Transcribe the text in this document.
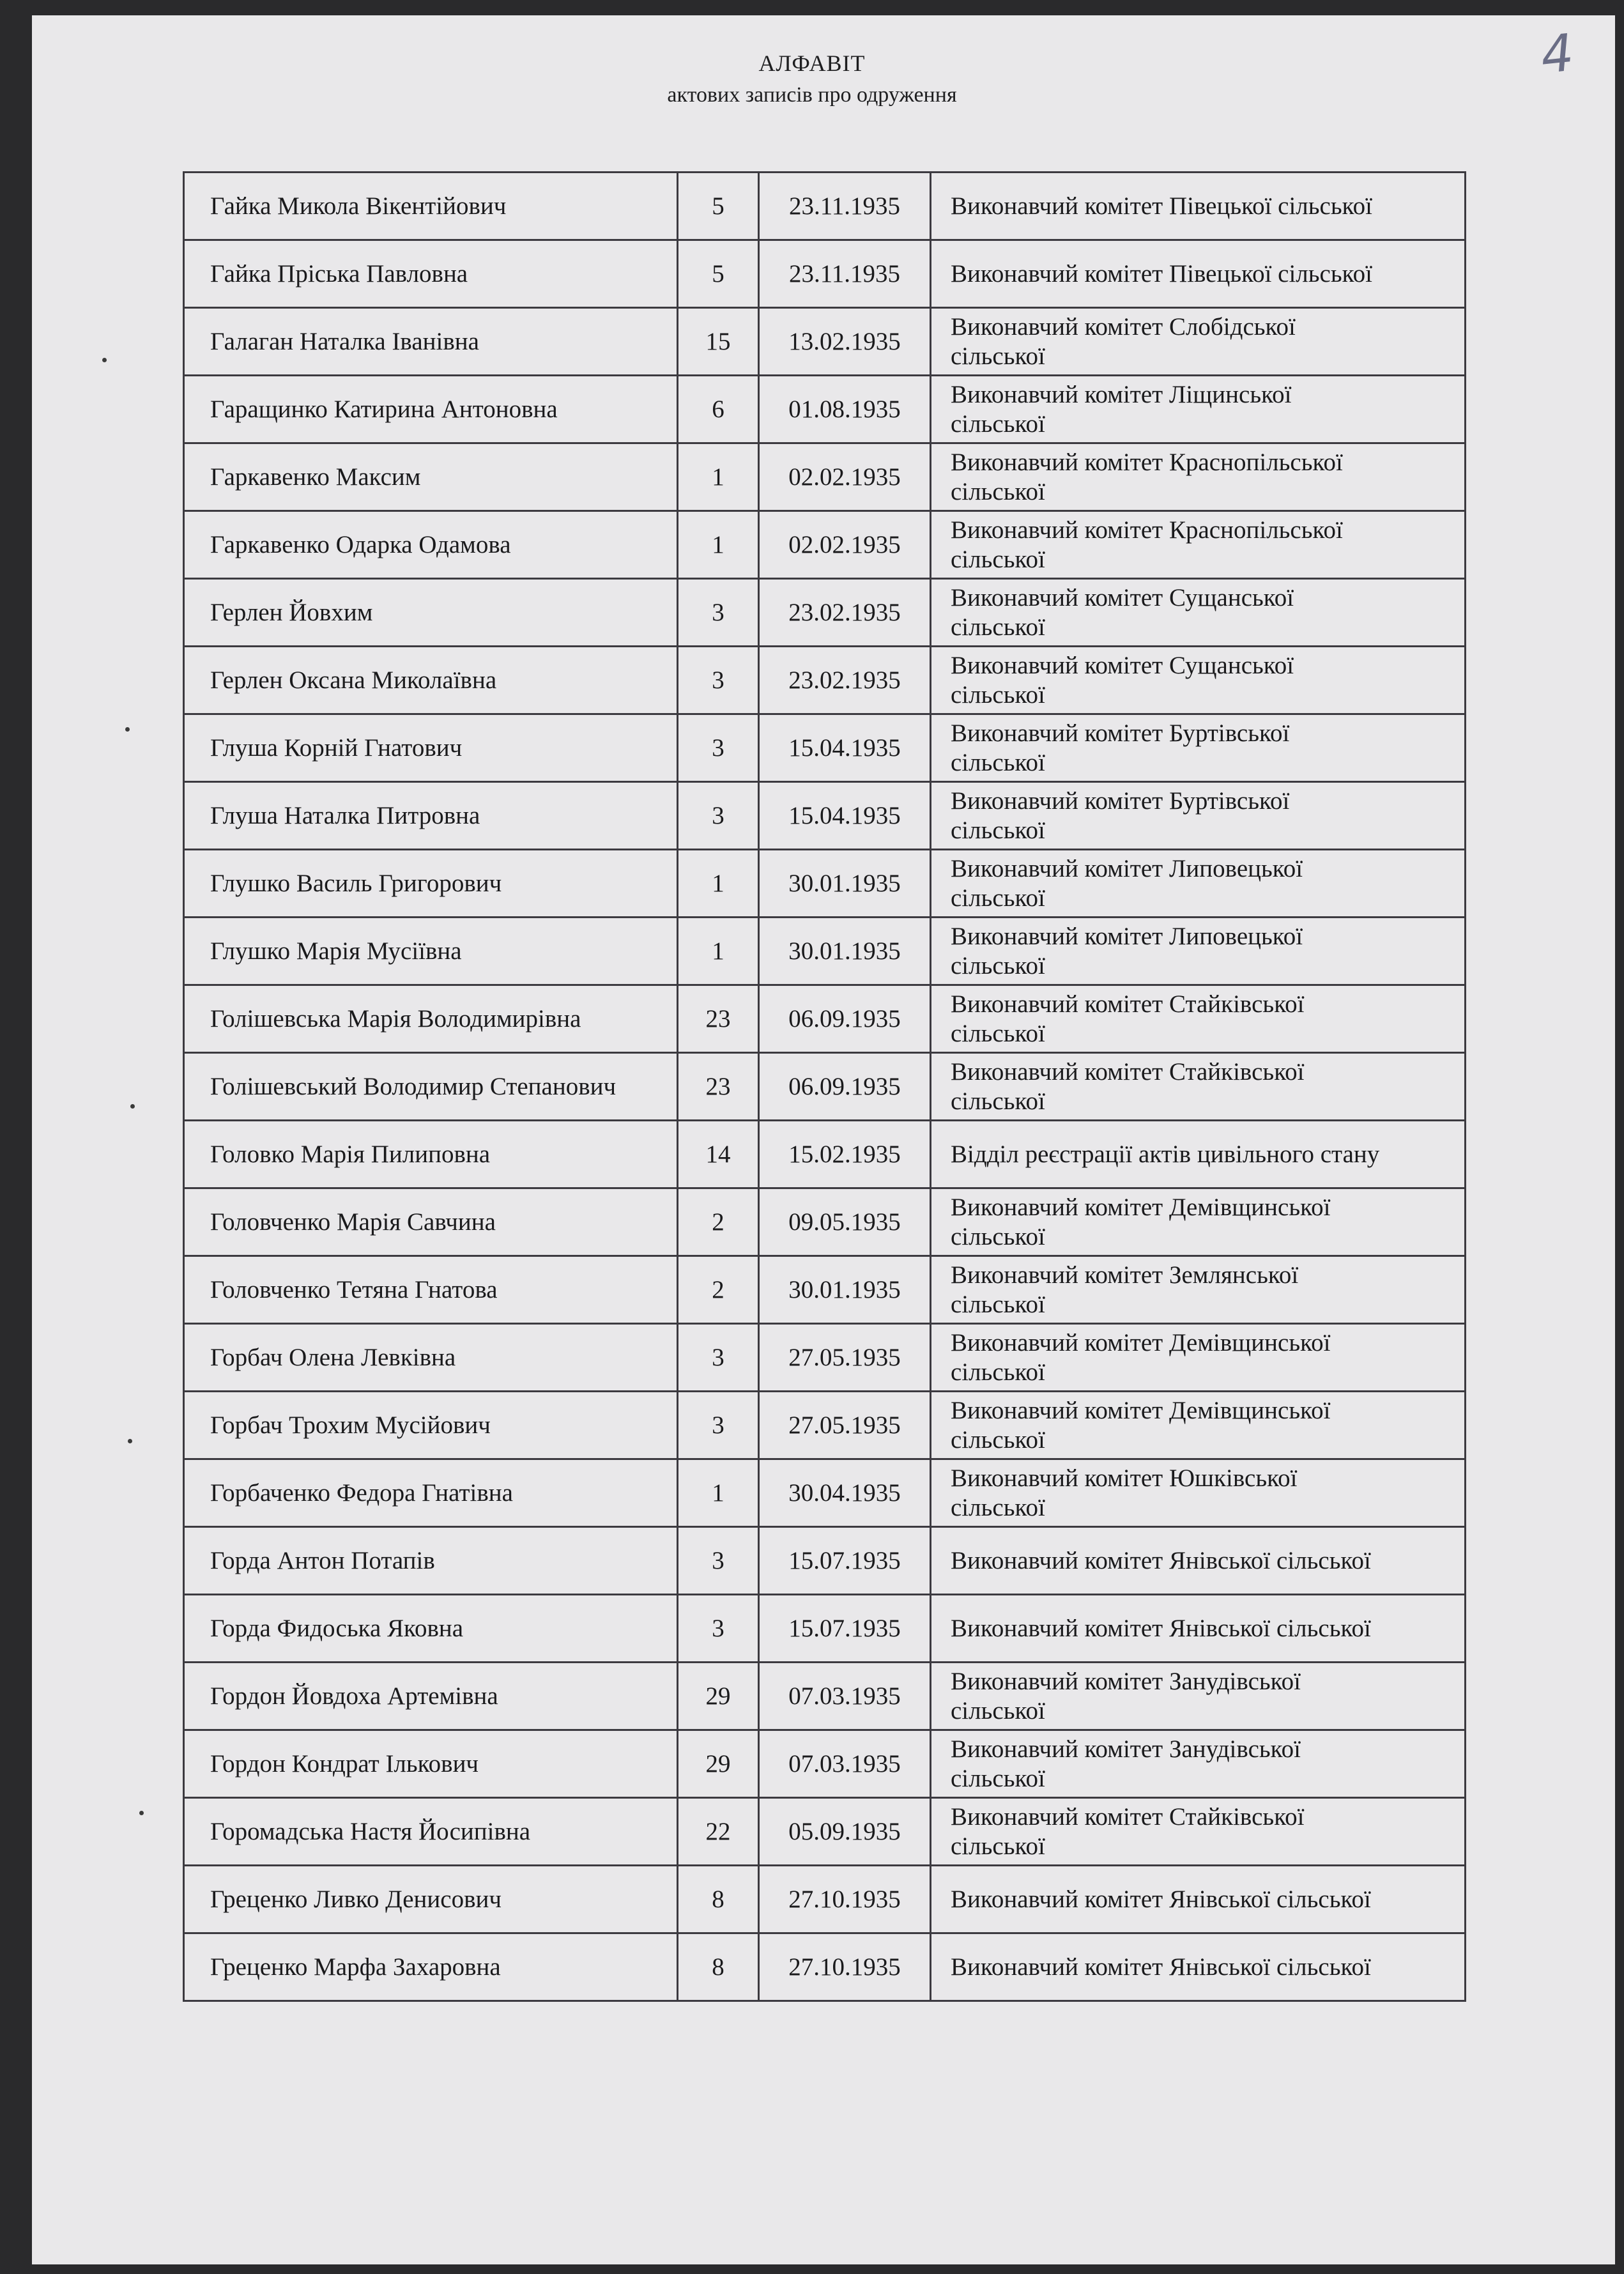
4
АЛФАВІТ
актових записів про одруження
Гайка Микола Вікентійович	5	23.11.1935	Виконавчий комітет Півецької сільської

Гайка Пріська Павловна	5	23.11.1935	Виконавчий комітет Півецької сільської

Галаган Наталка Іванівна	15	13.02.1935	Виконавчий комітет Слобідської
сільської

Гаращинко Катирина Антоновна	6	01.08.1935	Виконавчий комітет Ліщинської
сільської

Гаркавенко Максим	1	02.02.1935	Виконавчий комітет Краснопільської
сільської

Гаркавенко Одарка Одамова	1	02.02.1935	Виконавчий комітет Краснопільської
сільської

Герлен Йовхим	3	23.02.1935	Виконавчий комітет Сущанської
сільської

Герлен Оксана Миколаївна	3	23.02.1935	Виконавчий комітет Сущанської
сільської

Глуша Корній Гнатович	3	15.04.1935	Виконавчий комітет Буртівської
сільської

Глуша Наталка Питровна	3	15.04.1935	Виконавчий комітет Буртівської
сільської

Глушко Василь Григорович	1	30.01.1935	Виконавчий комітет Липовецької
сільської

Глушко Марія Мусіївна	1	30.01.1935	Виконавчий комітет Липовецької
сільської

Голішевська Марія Володимирівна	23	06.09.1935	Виконавчий комітет Стайківської
сільської

Голішевський Володимир Степанович	23	06.09.1935	Виконавчий комітет Стайківської
сільської

Головко Марія Пилиповна	14	15.02.1935	Відділ реєстрації актів цивільного стану

Головченко Марія Савчина	2	09.05.1935	Виконавчий комітет Демівщинської
сільської

Головченко Тетяна Гнатова	2	30.01.1935	Виконавчий комітет Землянської
сільської

Горбач Олена Левківна	3	27.05.1935	Виконавчий комітет Демівщинської
сільської

Горбач Трохим Мусійович	3	27.05.1935	Виконавчий комітет Демівщинської
сільської

Горбаченко Федора Гнатівна	1	30.04.1935	Виконавчий комітет Юшківської
сільської

Горда Антон Потапів	3	15.07.1935	Виконавчий комітет Янівської сільської

Горда Фидоська Яковна	3	15.07.1935	Виконавчий комітет Янівської сільської

Гордон Йовдоха Артемівна	29	07.03.1935	Виконавчий комітет Занудівської
сільської

Гордон Кондрат Ількович	29	07.03.1935	Виконавчий комітет Занудівської
сільської

Горомадська Настя Йосипівна	22	05.09.1935	Виконавчий комітет Стайківської
сільської

Греценко Ливко Денисович	8	27.10.1935	Виконавчий комітет Янівської сільської

Греценко Марфа Захаровна	8	27.10.1935	Виконавчий комітет Янівської сільської
